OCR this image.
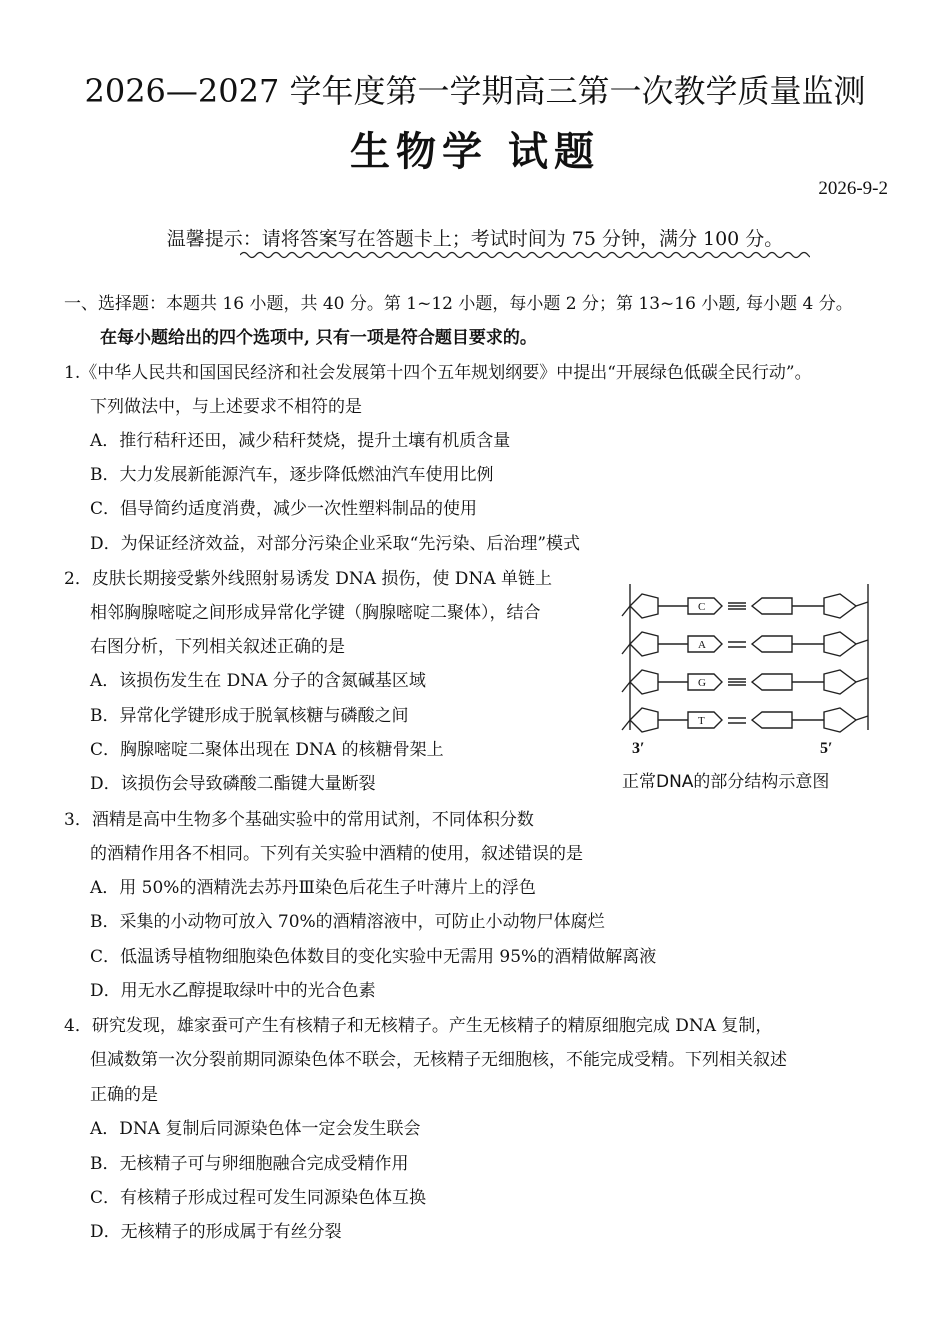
2026—2027 学年度第一学期高三第一次教学质量监测
生物学 试题
2026-9-2
温馨提示：请将答案写在答题卡上；考试时间为 75 分钟，满分 100 分。
一、选择题：本题共 16 小题，共 40 分。第 1~12 小题，每小题 2 分；第 13~16 小题, 每小题 4 分。
在每小题给出的四个选项中, 只有一项是符合题目要求的。
1.《中华人民共和国国民经济和社会发展第十四个五年规划纲要》中提出“开展绿色低碳全民行动”。
下列做法中，与上述要求不相符的是
A．推行秸秆还田，减少秸秆焚烧，提升土壤有机质含量
B．大力发展新能源汽车，逐步降低燃油汽车使用比例
C．倡导简约适度消费，减少一次性塑料制品的使用
D．为保证经济效益，对部分污染企业采取“先污染、后治理”模式
2．皮肤长期接受紫外线照射易诱发 DNA 损伤，使 DNA 单链上
相邻胸腺嘧啶之间形成异常化学键（胸腺嘧啶二聚体），结合
右图分析，下列相关叙述正确的是
A．该损伤发生在 DNA 分子的含氮碱基区域
B．异常化学键形成于脱氧核糖与磷酸之间
C．胸腺嘧啶二聚体出现在 DNA 的核糖骨架上
D．该损伤会导致磷酸二酯键大量断裂
C
A
G
T
3′	5′
正常DNA的部分结构示意图
3．酒精是高中生物多个基础实验中的常用试剂，不同体积分数
的酒精作用各不相同。下列有关实验中酒精的使用，叙述错误的是
A．用 50%的酒精洗去苏丹Ⅲ染色后花生子叶薄片上的浮色
B．采集的小动物可放入 70%的酒精溶液中，可防止小动物尸体腐烂
C．低温诱导植物细胞染色体数目的变化实验中无需用 95%的酒精做解离液
D．用无水乙醇提取绿叶中的光合色素
4．研究发现，雄家蚕可产生有核精子和无核精子。产生无核精子的精原细胞完成 DNA 复制，
但减数第一次分裂前期同源染色体不联会，无核精子无细胞核，不能完成受精。下列相关叙述
正确的是
A．DNA 复制后同源染色体一定会发生联会
B．无核精子可与卵细胞融合完成受精作用
C．有核精子形成过程可发生同源染色体互换
D．无核精子的形成属于有丝分裂
